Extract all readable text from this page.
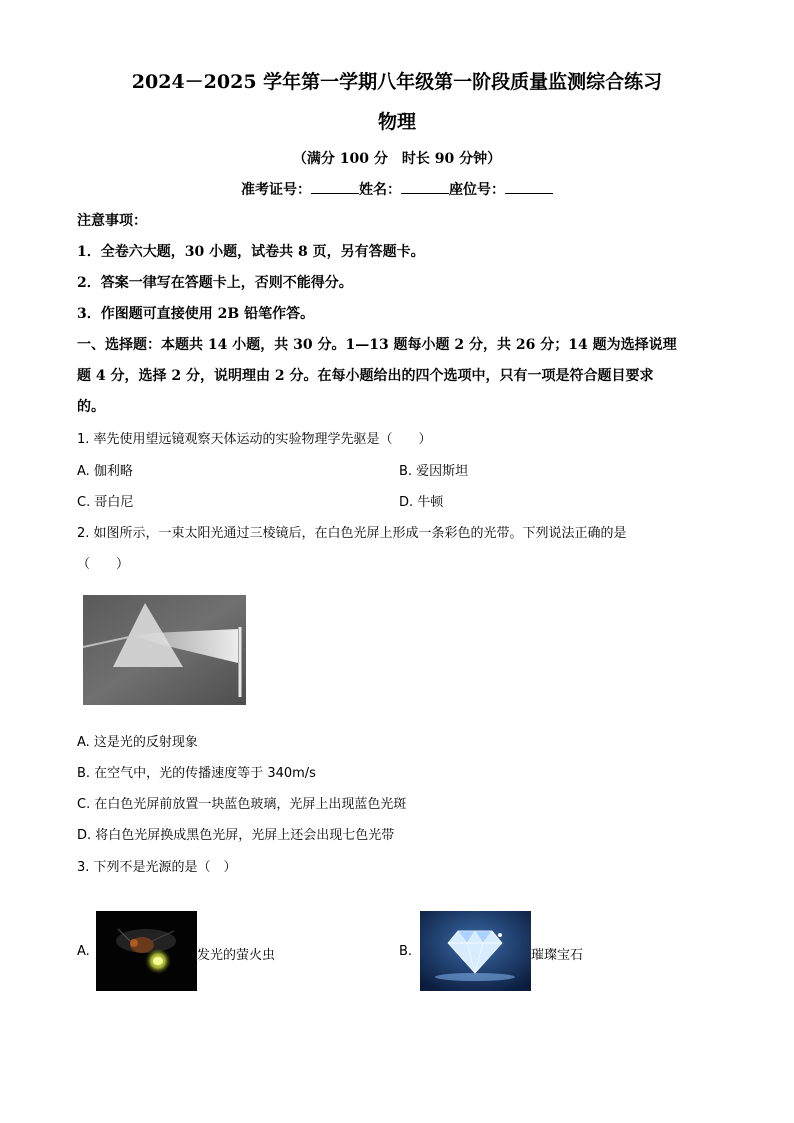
2024－2025 学年第一学期八年级第一阶段质量监测综合练习
物理
（满分 100 分　时长 90 分钟）
准考证号：	姓名：	座位号：
注意事项：
1．全卷六大题，30 小题，试卷共 8 页，另有答题卡。
2．答案一律写在答题卡上，否则不能得分。
3．作图题可直接使用 2B 铅笔作答。
一、选择题：本题共 14 小题，共 30 分。1—13 题每小题 2 分，共 26 分；14 题为选择说理
题 4 分，选择 2 分，说明理由 2 分。在每小题给出的四个选项中，只有一项是符合题目要求
的。
1. 率先使用望远镜观察天体运动的实验物理学先驱是（　　）
A. 伽利略	B. 爱因斯坦
C. 哥白尼	D. 牛顿
2. 如图所示，一束太阳光通过三棱镜后，在白色光屏上形成一条彩色的光带。下列说法正确的是
（　　）
A. 这是光的反射现象
B. 在空气中，光的传播速度等于 340m/s
C. 在白色光屏前放置一块蓝色玻璃，光屏上出现蓝色光斑
D. 将白色光屏换成黑色光屏，光屏上还会出现七色光带
3. 下列不是光源的是（　）
A.	发光的萤火虫	B.	璀璨宝石
